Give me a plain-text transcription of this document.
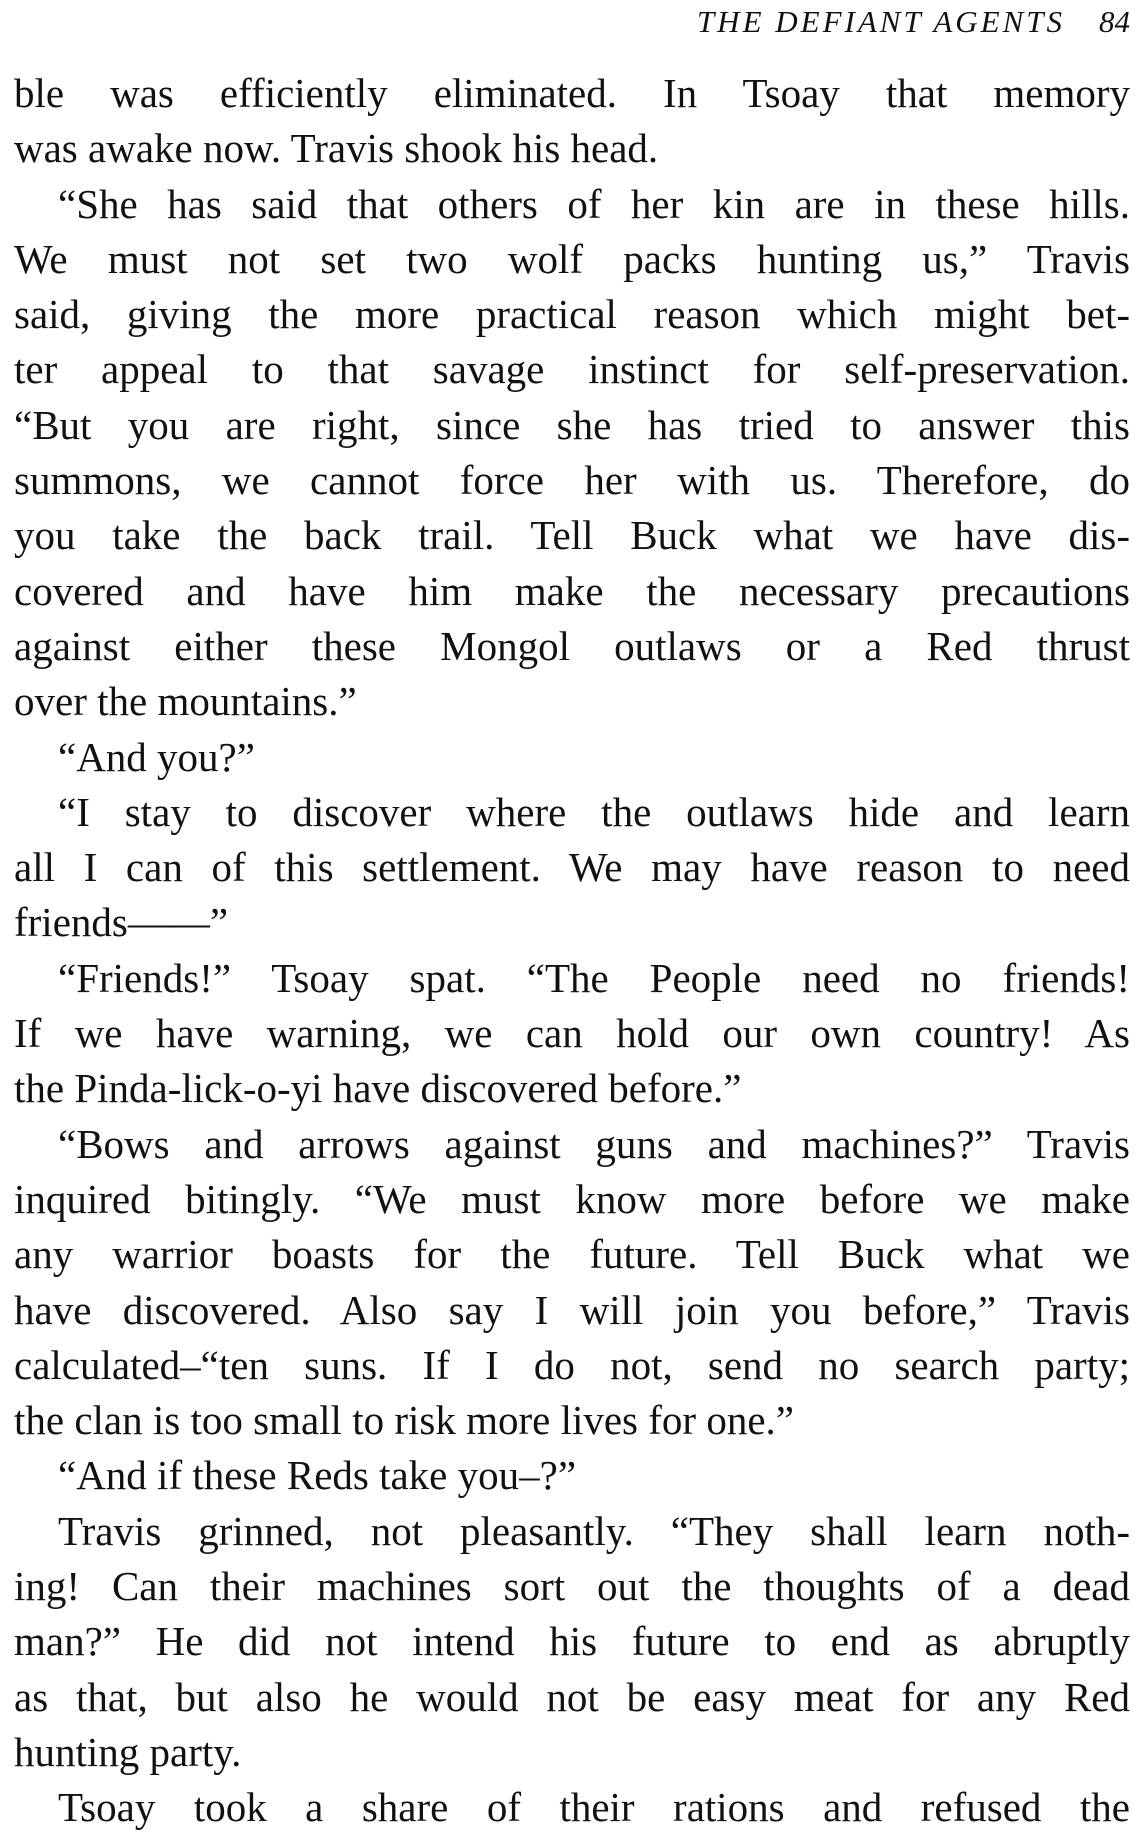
THE DEFIANT AGENTS 84
ble was efficiently eliminated. In Tsoay that memory
was awake now. Travis shook his head.
“She has said that others of her kin are in these hills.
We must not set two wolf packs hunting us,” Travis
said, giving the more practical reason which might bet-
ter appeal to that savage instinct for self-preservation.
“But you are right, since she has tried to answer this
summons, we cannot force her with us. Therefore, do
you take the back trail. Tell Buck what we have dis-
covered and have him make the necessary precautions
against either these Mongol outlaws or a Red thrust
over the mountains.”
“And you?”
“I stay to discover where the outlaws hide and learn
all I can of this settlement. We may have reason to need
friends——”
“Friends!” Tsoay spat. “The People need no friends!
If we have warning, we can hold our own country! As
the Pinda-lick-o-yi have discovered before.”
“Bows and arrows against guns and machines?” Travis
inquired bitingly. “We must know more before we make
any warrior boasts for the future. Tell Buck what we
have discovered. Also say I will join you before,” Travis
calculated–“ten suns. If I do not, send no search party;
the clan is too small to risk more lives for one.”
“And if these Reds take you–?”
Travis grinned, not pleasantly. “They shall learn noth-
ing! Can their machines sort out the thoughts of a dead
man?” He did not intend his future to end as abruptly
as that, but also he would not be easy meat for any Red
hunting party.
Tsoay took a share of their rations and refused the
